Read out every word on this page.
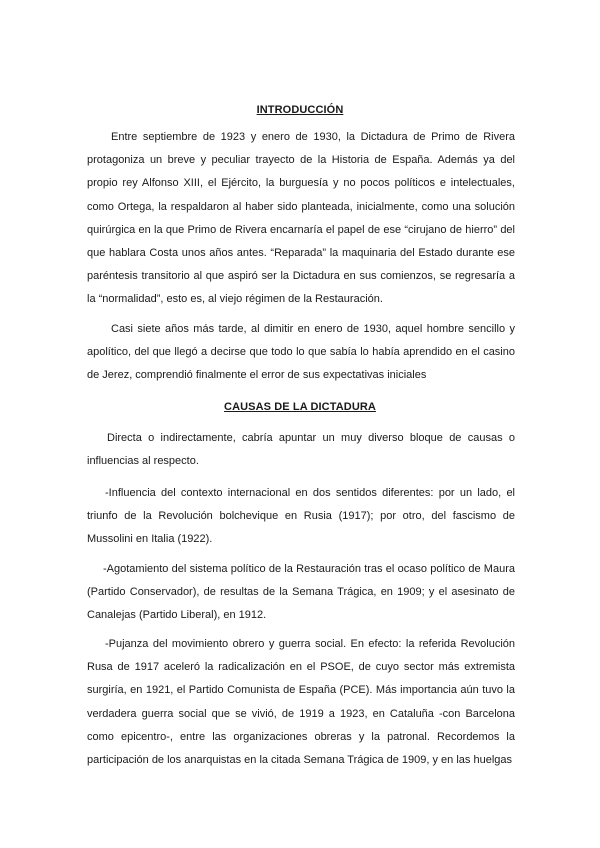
INTRODUCCIÓN

Entre septiembre de 1923 y enero de 1930, la Dictadura de Primo de Rivera protagoniza un breve y peculiar trayecto de la Historia de España. Además ya del propio rey Alfonso XIII, el Ejército, la burguesía y no pocos políticos e intelectuales, como Ortega, la respaldaron al haber sido planteada, inicialmente, como una solución quirúrgica en la que Primo de Rivera encarnaría el papel de ese “cirujano de hierro” del que hablara Costa unos años antes. “Reparada” la maquinaria del Estado durante ese paréntesis transitorio al que aspiró ser la Dictadura en sus comienzos, se regresaría a la “normalidad”, esto es, al viejo régimen de la Restauración.

Casi siete años más tarde, al dimitir en enero de 1930, aquel hombre sencillo y apolítico, del que llegó a decirse que todo lo que sabía lo había aprendido en el casino de Jerez, comprendió finalmente el error de sus expectativas iniciales

CAUSAS DE LA DICTADURA

Directa o indirectamente, cabría apuntar un muy diverso bloque de causas o influencias al respecto.

-Influencia del contexto internacional en dos sentidos diferentes: por un lado, el triunfo de la Revolución bolchevique en Rusia (1917); por otro, del fascismo de Mussolini en Italia (1922).

-Agotamiento del sistema político de la Restauración tras el ocaso político de Maura (Partido Conservador), de resultas de la Semana Trágica, en 1909; y el asesinato de Canalejas (Partido Liberal), en 1912.

-Pujanza del movimiento obrero y guerra social. En efecto: la referida Revolución Rusa de 1917 aceleró la radicalización en el PSOE, de cuyo sector más extremista surgiría, en 1921, el Partido Comunista de España (PCE). Más importancia aún tuvo la verdadera guerra social que se vivió, de 1919 a 1923, en Cataluña -con Barcelona como epicentro-, entre las organizaciones obreras y la patronal. Recordemos la participación de los anarquistas en la citada Semana Trágica de 1909, y en las huelgas
